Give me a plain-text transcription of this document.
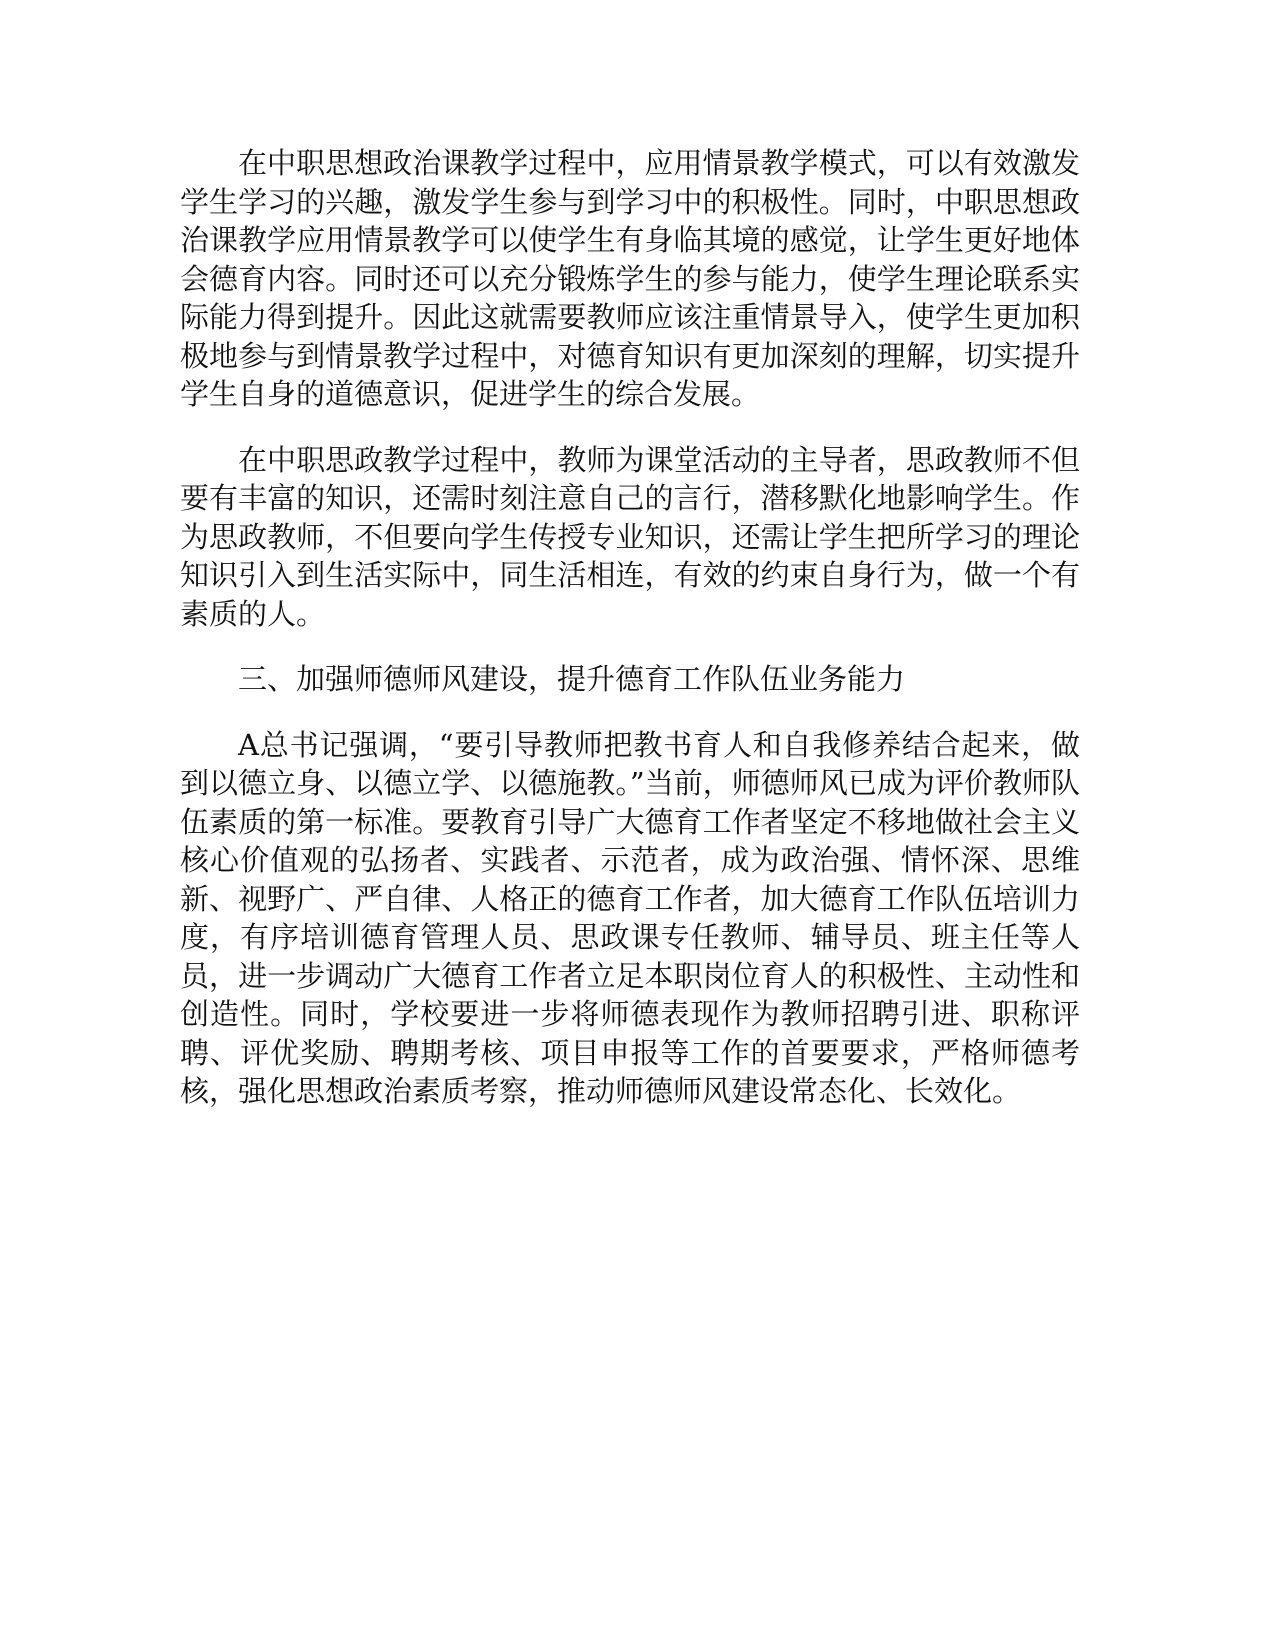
在中职思想政治课教学过程中，应用情景教学模式，可以有效激发学生学习的兴趣，激发学生参与到学习中的积极性。同时，中职思想政治课教学应用情景教学可以使学生有身临其境的感觉，让学生更好地体会德育内容。同时还可以充分锻炼学生的参与能力，使学生理论联系实际能力得到提升。因此这就需要教师应该注重情景导入，使学生更加积极地参与到情景教学过程中，对德育知识有更加深刻的理解，切实提升学生自身的道德意识，促进学生的综合发展。

在中职思政教学过程中，教师为课堂活动的主导者，思政教师不但要有丰富的知识，还需时刻注意自己的言行，潜移默化地影响学生。作为思政教师，不但要向学生传授专业知识，还需让学生把所学习的理论知识引入到生活实际中，同生活相连，有效的约束自身行为，做一个有素质的人。

三、加强师德师风建设，提升德育工作队伍业务能力

A总书记强调，“要引导教师把教书育人和自我修养结合起来，做到以德立身、以德立学、以德施教。”当前，师德师风已成为评价教师队伍素质的第一标准。要教育引导广大德育工作者坚定不移地做社会主义核心价值观的弘扬者、实践者、示范者，成为政治强、情怀深、思维新、视野广、严自律、人格正的德育工作者，加大德育工作队伍培训力度，有序培训德育管理人员、思政课专任教师、辅导员、班主任等人员，进一步调动广大德育工作者立足本职岗位育人的积极性、主动性和创造性。同时，学校要进一步将师德表现作为教师招聘引进、职称评聘、评优奖励、聘期考核、项目申报等工作的首要要求，严格师德考核，强化思想政治素质考察，推动师德师风建设常态化、长效化。
